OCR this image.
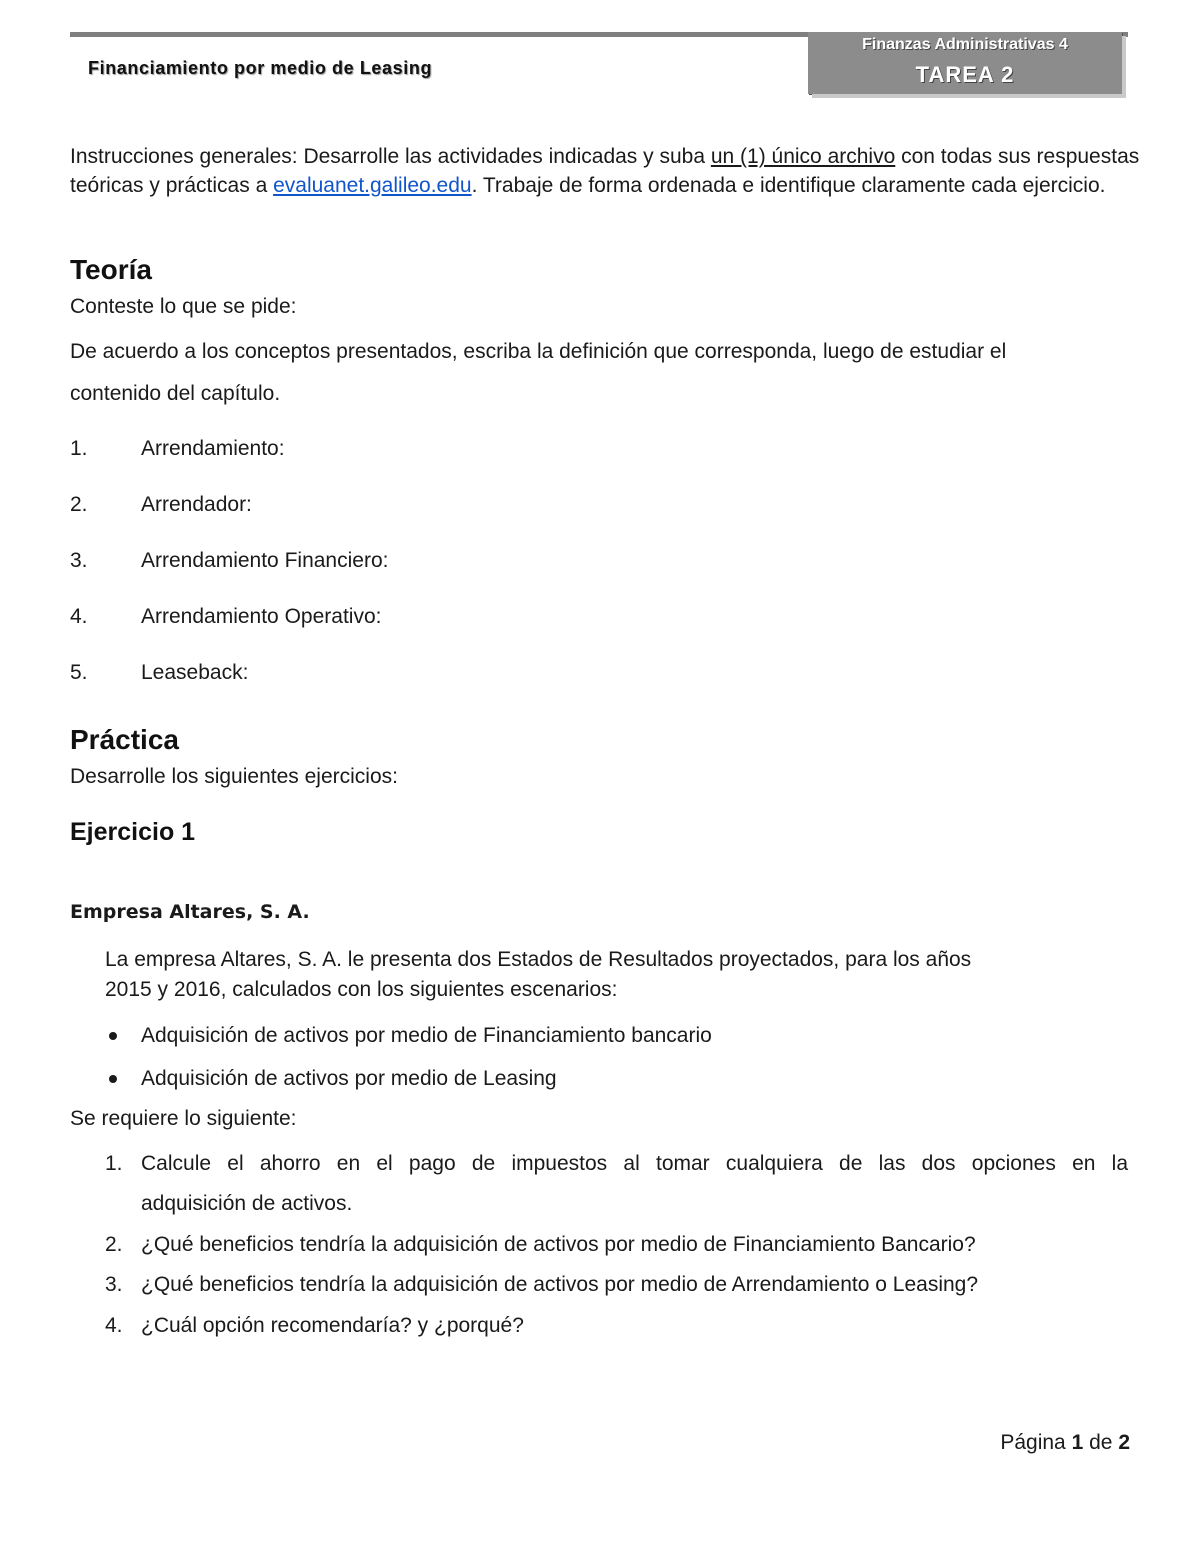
Financiamiento por medio de Leasing
Finanzas Administrativas 4
TAREA 2
Instrucciones generales: Desarrolle las actividades indicadas y suba un (1) único archivo con todas sus respuestas teóricas y prácticas a evaluanet.galileo.edu. Trabaje de forma ordenada e identifique claramente cada ejercicio.
Teoría
Conteste lo que se pide:
De acuerdo a los conceptos presentados, escriba la definición que corresponda, luego de estudiar el
contenido del capítulo.
1.	Arrendamiento:
2.	Arrendador:
3.	Arrendamiento Financiero:
4.	Arrendamiento Operativo:
5.	Leaseback:
Práctica
Desarrolle los siguientes ejercicios:
Ejercicio 1
Empresa Altares, S. A.
La empresa Altares, S. A. le presenta dos Estados de Resultados proyectados, para los años
2015 y 2016, calculados con los siguientes escenarios:
Adquisición de activos por medio de Financiamiento bancario
Adquisición de activos por medio de Leasing
Se requiere lo siguiente:
1. Calcule el ahorro en el pago de impuestos al tomar cualquiera de las dos opciones en la
adquisición de activos.
2. ¿Qué beneficios tendría la adquisición de activos por medio de Financiamiento Bancario?
3. ¿Qué beneficios tendría la adquisición de activos por medio de Arrendamiento o Leasing?
4. ¿Cuál opción recomendaría? y ¿porqué?
Página 1 de 2
